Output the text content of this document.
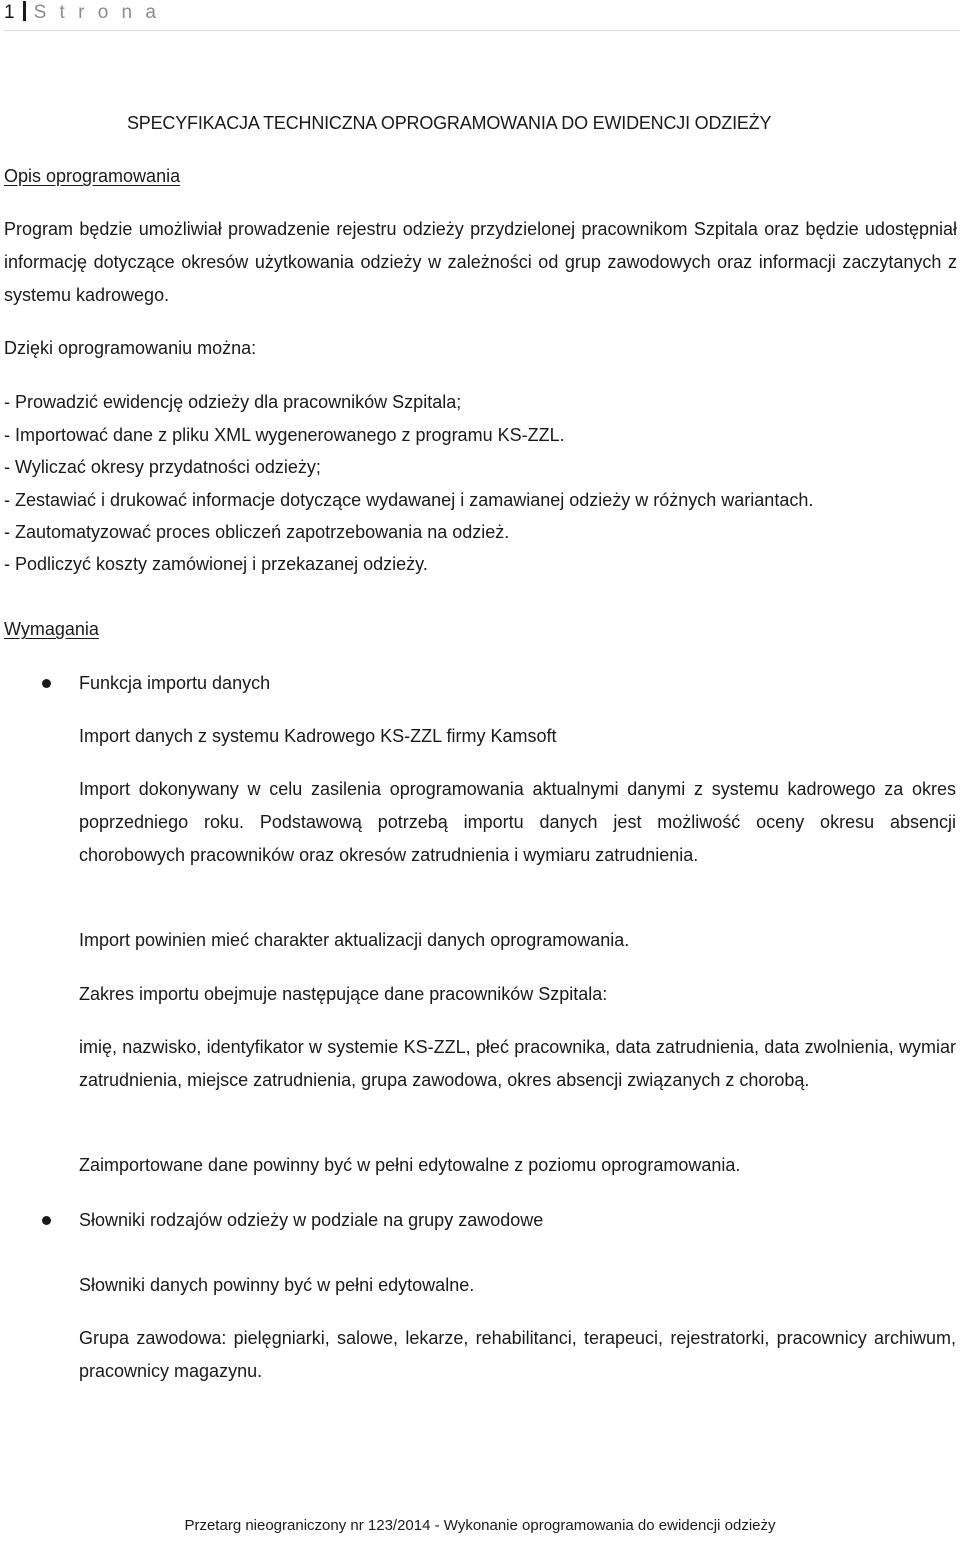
1 S t r o n a
SPECYFIKACJA TECHNICZNA OPROGRAMOWANIA DO EWIDENCJI ODZIEŻY
Opis oprogramowania
Program będzie umożliwiał prowadzenie rejestru odzieży przydzielonej pracownikom Szpitala oraz będzie udostępniał informację dotyczące okresów użytkowania odzieży w zależności od grup zawodowych oraz informacji zaczytanych z systemu kadrowego.
Dzięki oprogramowaniu można:
- Prowadzić ewidencję odzieży dla pracowników Szpitala;
- Importować dane z pliku XML wygenerowanego z programu KS-ZZL.
- Wyliczać okresy przydatności odzieży;
- Zestawiać i drukować informacje dotyczące wydawanej i zamawianej odzieży w różnych wariantach.
- Zautomatyzować proces obliczeń zapotrzebowania na odzież.
- Podliczyć koszty zamówionej i przekazanej odzieży.
Wymagania
Funkcja importu danych
Import danych z systemu Kadrowego KS-ZZL firmy Kamsoft
Import dokonywany w celu zasilenia oprogramowania aktualnymi danymi z systemu kadrowego za okres poprzedniego roku. Podstawową potrzebą importu danych jest możliwość oceny okresu absencji chorobowych pracowników oraz okresów zatrudnienia i wymiaru zatrudnienia.
Import powinien mieć charakter aktualizacji danych oprogramowania.
Zakres importu obejmuje następujące dane pracowników Szpitala:
imię, nazwisko, identyfikator w systemie KS-ZZL, płeć pracownika, data zatrudnienia, data zwolnienia, wymiar zatrudnienia, miejsce zatrudnienia, grupa zawodowa, okres absencji związanych z chorobą.
Zaimportowane dane powinny być w pełni edytowalne z poziomu oprogramowania.
Słowniki rodzajów odzieży w podziale na grupy zawodowe
Słowniki danych powinny być w pełni edytowalne.
Grupa zawodowa: pielęgniarki, salowe, lekarze, rehabilitanci, terapeuci, rejestratorki, pracownicy archiwum, pracownicy magazynu.
Przetarg nieograniczony nr 123/2014 - Wykonanie oprogramowania do ewidencji odzieży
